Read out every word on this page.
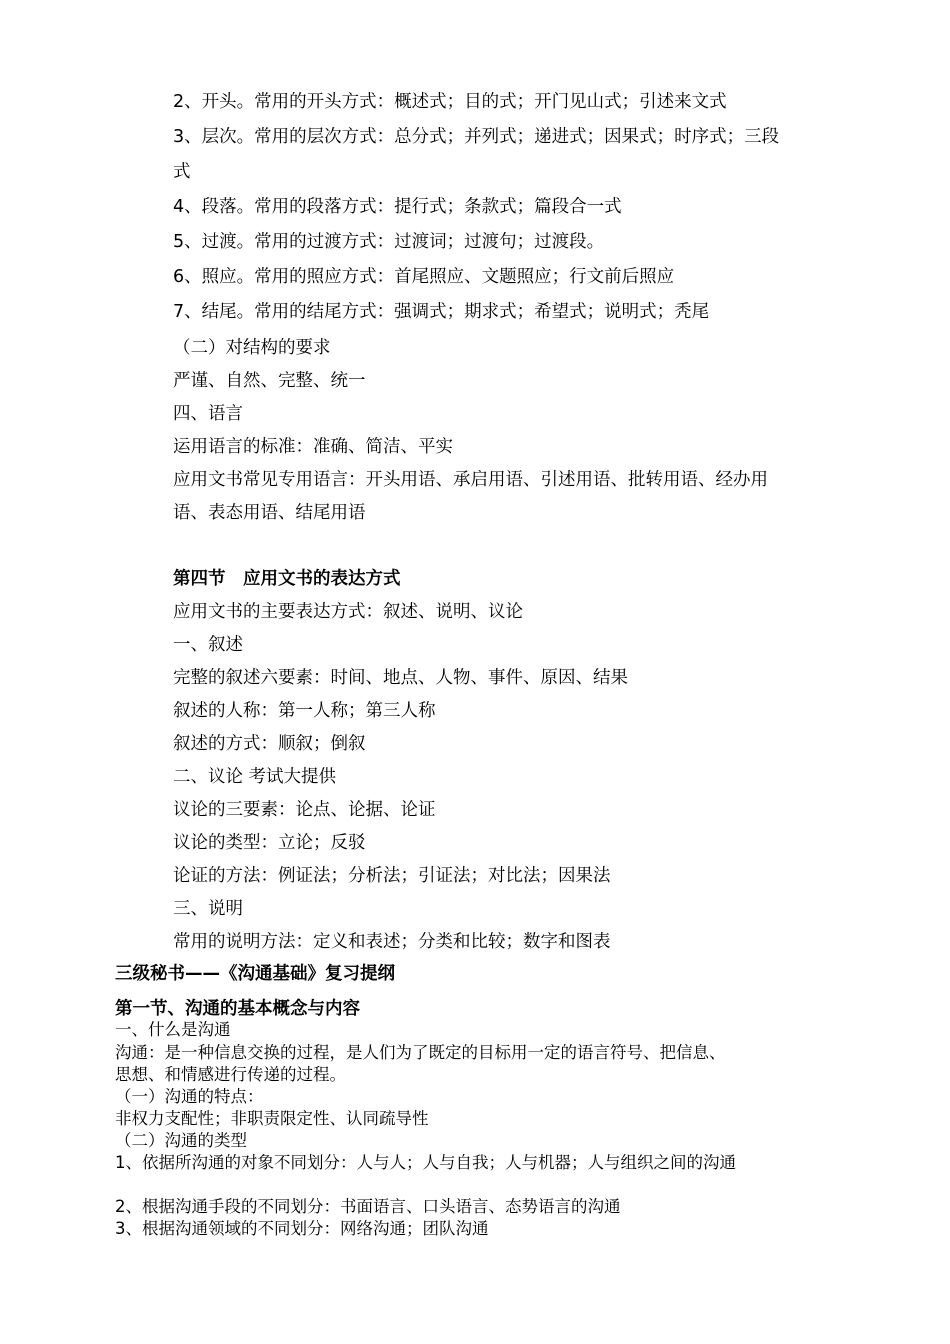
2、开头。常用的开头方式：概述式；目的式；开门见山式；引述来文式
3、层次。常用的层次方式：总分式；并列式；递进式；因果式；时序式；三段
式
4、段落。常用的段落方式：提行式；条款式；篇段合一式
5、过渡。常用的过渡方式：过渡词；过渡句；过渡段。
6、照应。常用的照应方式：首尾照应、文题照应；行文前后照应
7、结尾。常用的结尾方式：强调式；期求式；希望式；说明式；秃尾
（二）对结构的要求
严谨、自然、完整、统一
四、语言
运用语言的标准：准确、简洁、平实
应用文书常见专用语言：开头用语、承启用语、引述用语、批转用语、经办用
语、表态用语、结尾用语
第四节　应用文书的表达方式
应用文书的主要表达方式：叙述、说明、议论
一、叙述
完整的叙述六要素：时间、地点、人物、事件、原因、结果
叙述的人称：第一人称；第三人称
叙述的方式：顺叙；倒叙
二、议论 考试大提供
议论的三要素：论点、论据、论证
议论的类型：立论；反驳
论证的方法：例证法；分析法；引证法；对比法；因果法
三、说明
常用的说明方法：定义和表述；分类和比较；数字和图表
三级秘书——《沟通基础》复习提纲
第一节、沟通的基本概念与内容
一、什么是沟通
沟通：是一种信息交换的过程，是人们为了既定的目标用一定的语言符号、把信息、
思想、和情感进行传递的过程。
（一）沟通的特点：
非权力支配性；非职责限定性、认同疏导性
（二）沟通的类型
1、依据所沟通的对象不同划分：人与人；人与自我；人与机器；人与组织之间的沟通
2、根据沟通手段的不同划分：书面语言、口头语言、态势语言的沟通
3、根据沟通领域的不同划分：网络沟通；团队沟通
